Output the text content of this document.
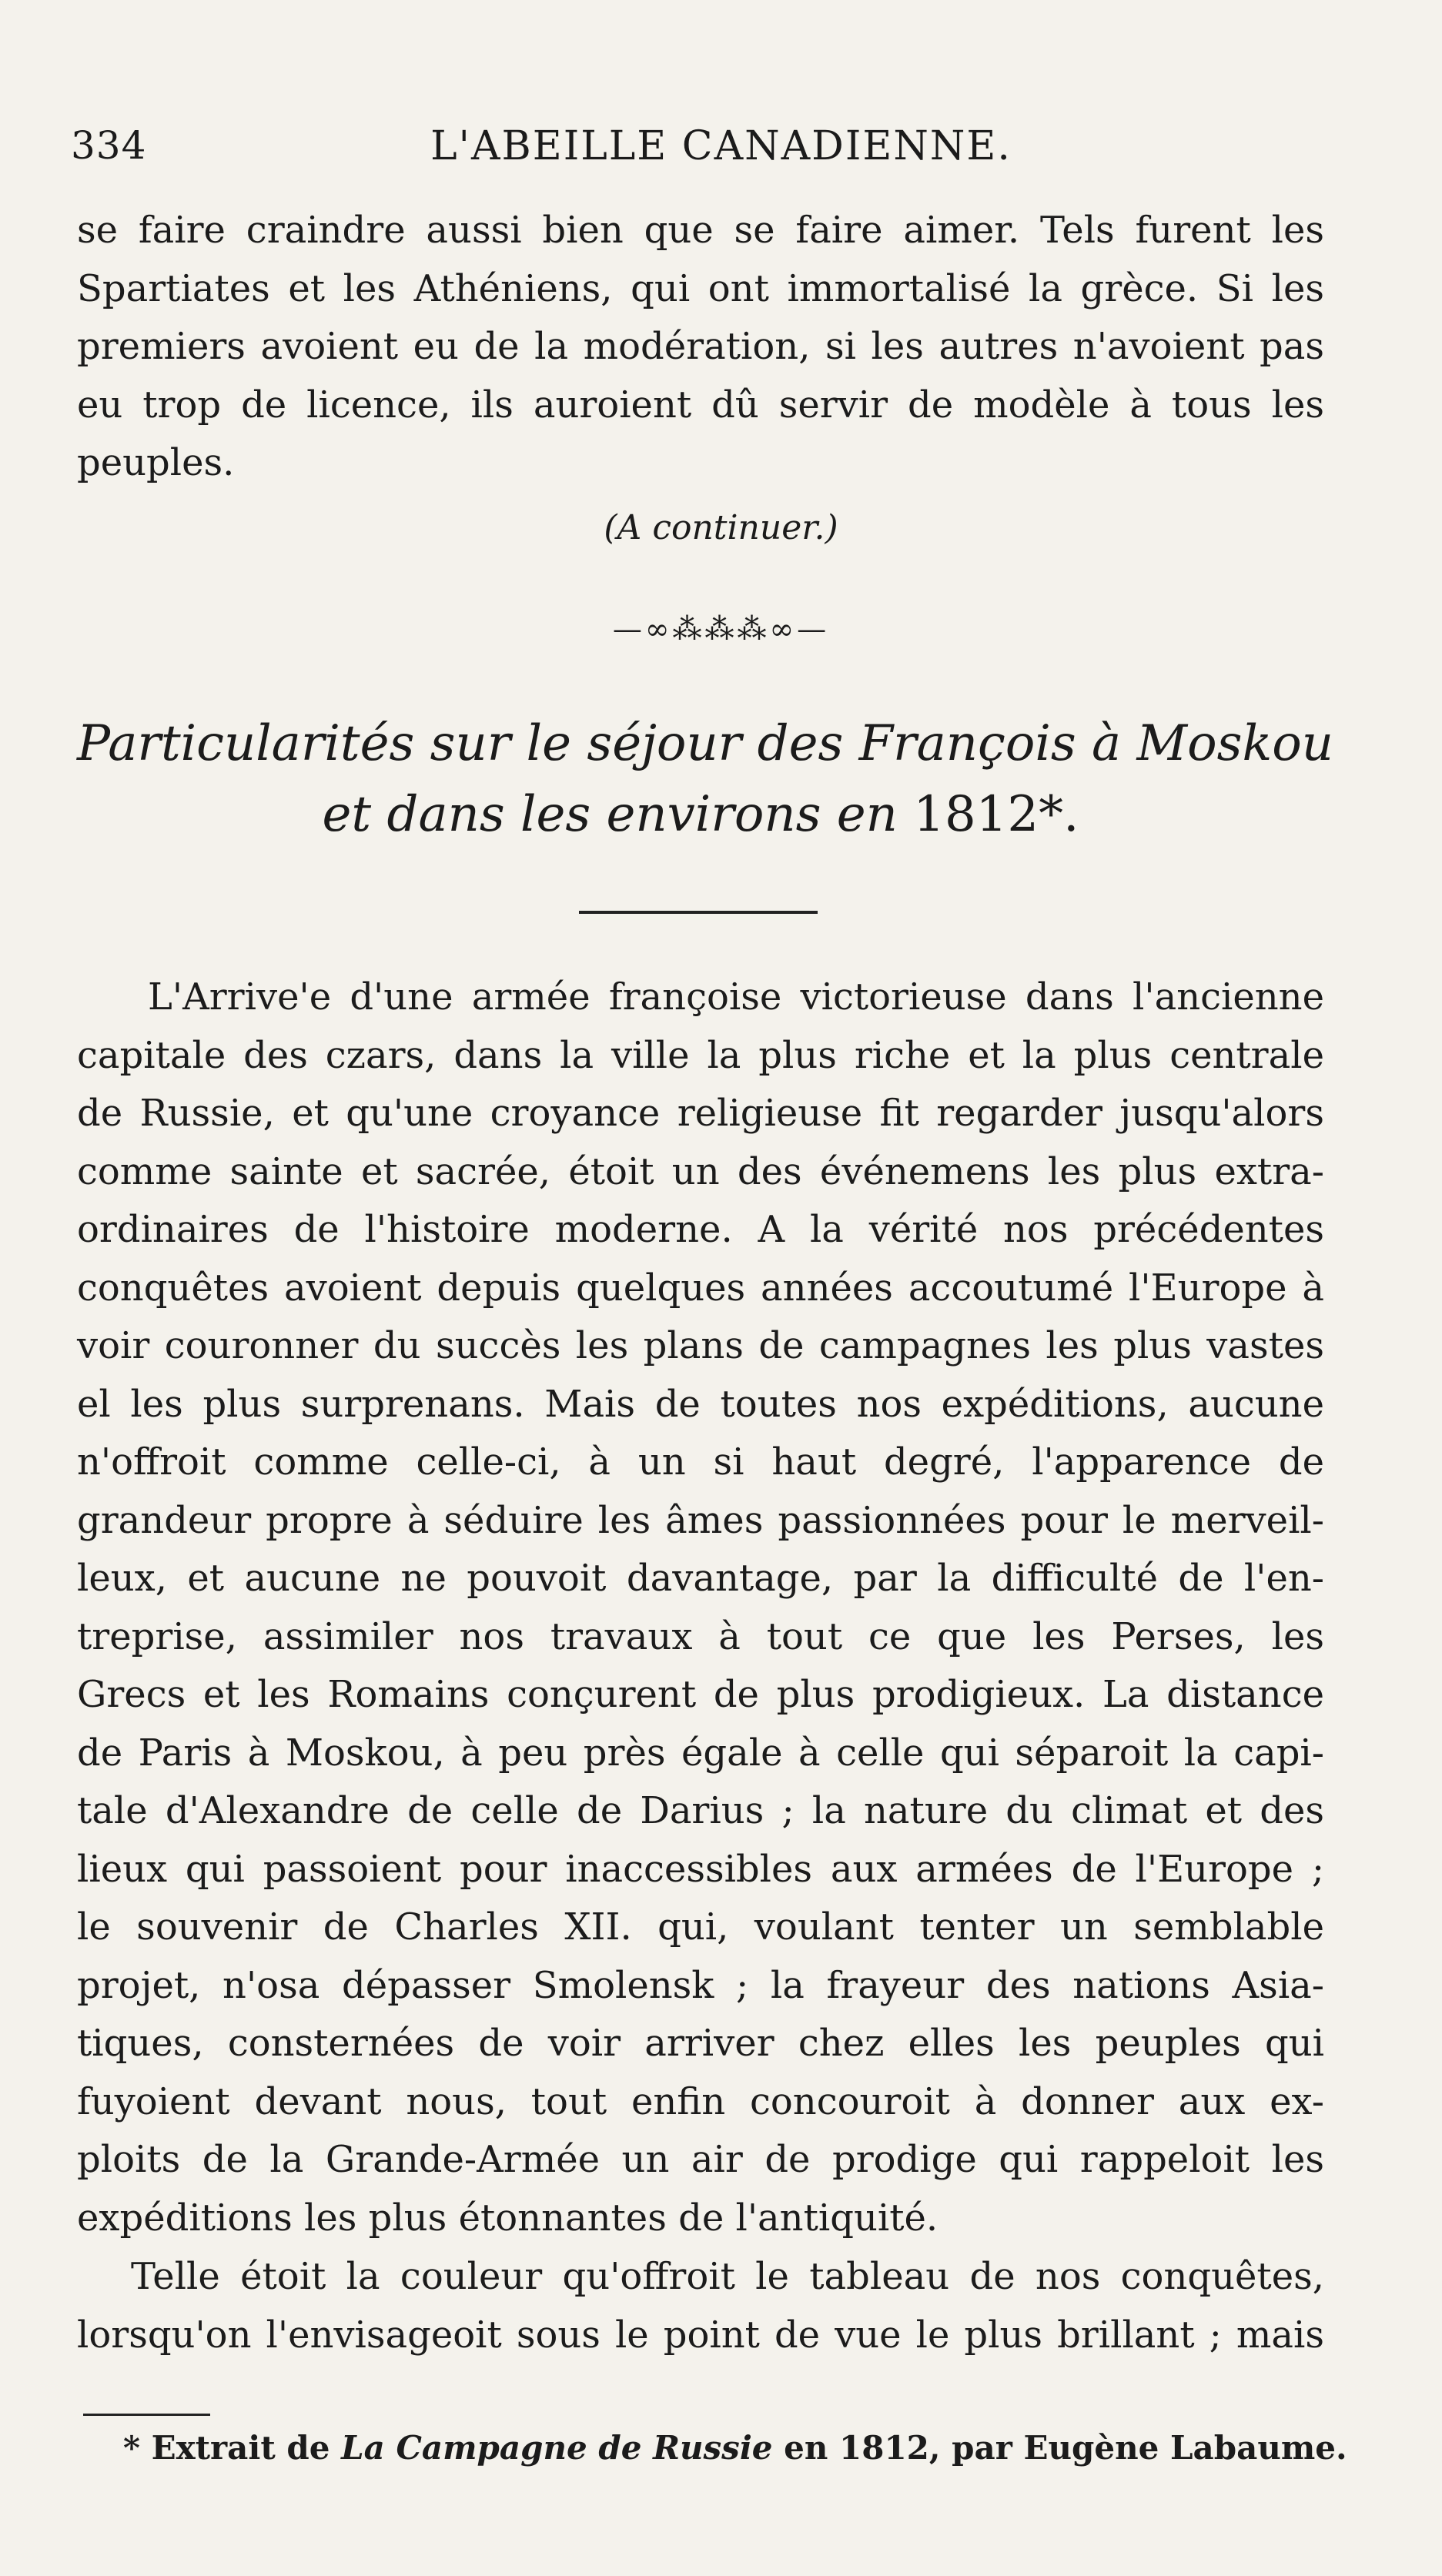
334	L'ABEILLE CANADIENNE.
se faire craindre aussi bien que se faire aimer. Tels furent les
Spartiates et les Athéniens, qui ont immortalisé la grèce. Si les
premiers avoient eu de la modération, si les autres n'avoient pas
eu trop de licence, ils auroient dû servir de modèle à tous les
peuples.
(A continuer.)
—∞⁂⁂⁂∞—
Particularités sur le séjour des François à Moskou
et dans les environs en 1812*.
L'Arrive'e d'une armée françoise victorieuse dans l'ancienne
capitale des czars, dans la ville la plus riche et la plus centrale
de Russie, et qu'une croyance religieuse fit regarder jusqu'alors
comme sainte et sacrée, étoit un des événemens les plus extra-
ordinaires de l'histoire moderne. A la vérité nos précédentes
conquêtes avoient depuis quelques années accoutumé l'Europe à
voir couronner du succès les plans de campagnes les plus vastes
el les plus surprenans. Mais de toutes nos expéditions, aucune
n'offroit comme celle-ci, à un si haut degré, l'apparence de
grandeur propre à séduire les âmes passionnées pour le merveil-
leux, et aucune ne pouvoit davantage, par la difficulté de l'en-
treprise, assimiler nos travaux à tout ce que les Perses, les
Grecs et les Romains conçurent de plus prodigieux. La distance
de Paris à Moskou, à peu près égale à celle qui séparoit la capi-
tale d'Alexandre de celle de Darius ; la nature du climat et des
lieux qui passoient pour inaccessibles aux armées de l'Europe ;
le souvenir de Charles XII. qui, voulant tenter un semblable
projet, n'osa dépasser Smolensk ; la frayeur des nations Asia-
tiques, consternées de voir arriver chez elles les peuples qui
fuyoient devant nous, tout enfin concouroit à donner aux ex-
ploits de la Grande-Armée un air de prodige qui rappeloit les
expéditions les plus étonnantes de l'antiquité.
Telle étoit la couleur qu'offroit le tableau de nos conquêtes,
lorsqu'on l'envisageoit sous le point de vue le plus brillant ; mais
* Extrait de La Campagne de Russie en 1812, par Eugène Labaume.
